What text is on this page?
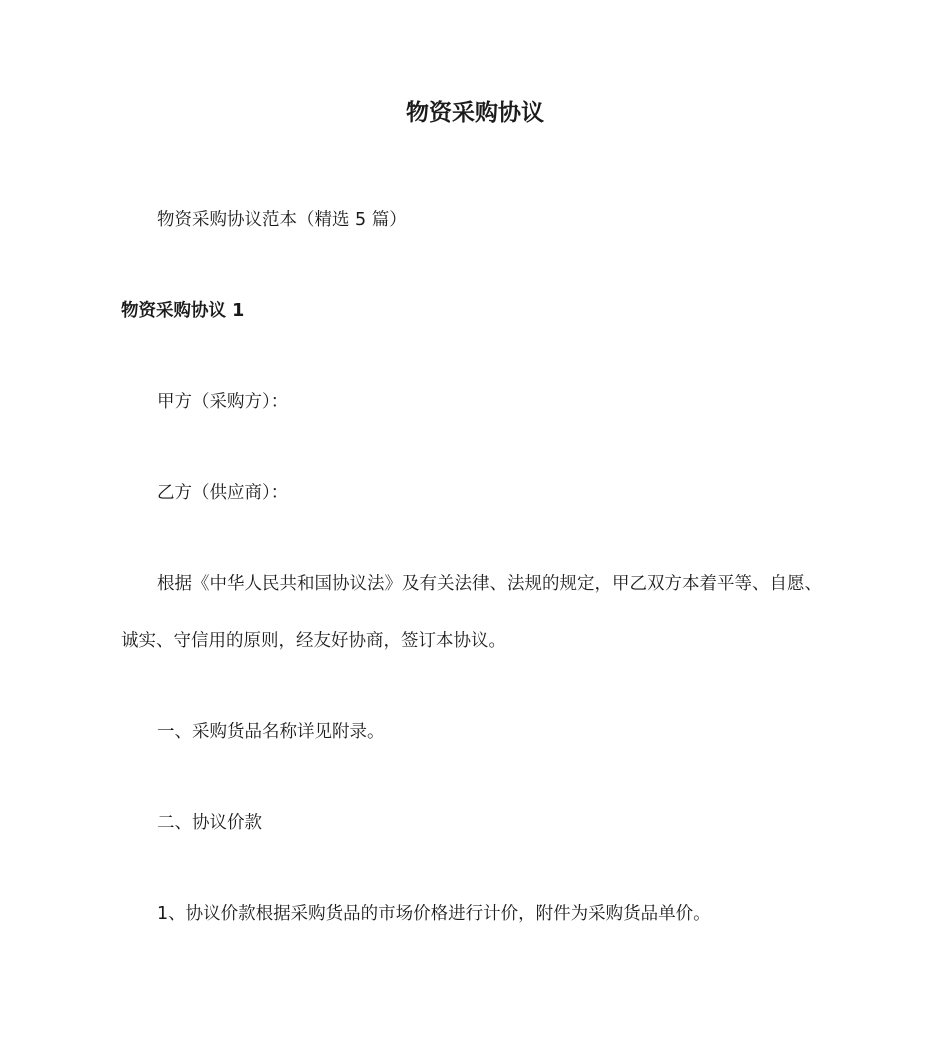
物资采购协议

物资采购协议范本（精选 5 篇）

物资采购协议 1

甲方（采购方）：

乙方（供应商）：

根据《中华人民共和国协议法》及有关法律、法规的规定，甲乙双方本着平等、自愿、

诚实、守信用的原则，经友好协商，签订本协议。

一、采购货品名称详见附录。

二、协议价款

1、协议价款根据采购货品的市场价格进行计价，附件为采购货品单价。
